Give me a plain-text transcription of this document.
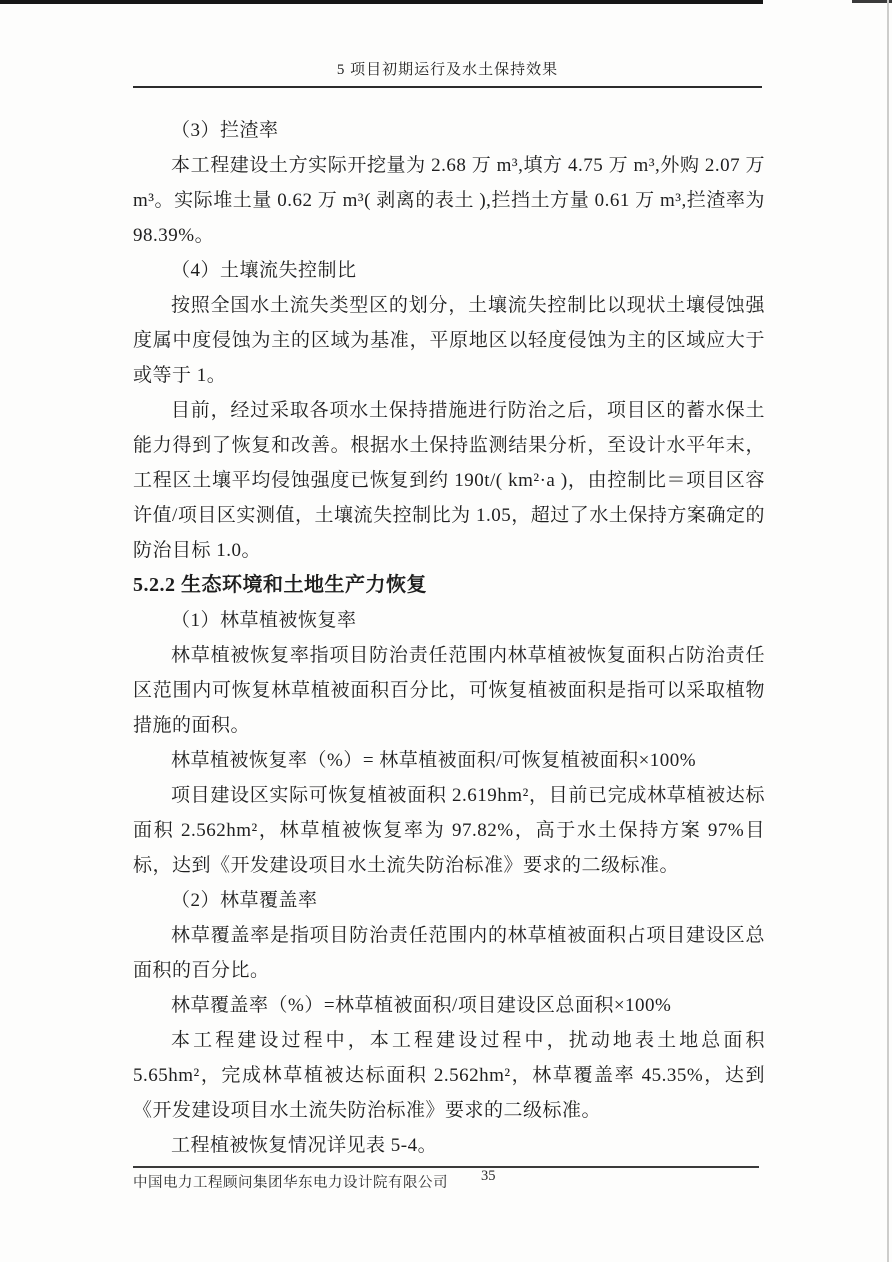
5 项目初期运行及水土保持效果

（3）拦渣率

本工程建设土方实际开挖量为 2.68 万 m³,填方 4.75 万 m³,外购 2.07 万 m³。实际堆土量 0.62 万 m³( 剥离的表土 ),拦挡土方量 0.61 万 m³,拦渣率为 98.39%。

（4）土壤流失控制比

按照全国水土流失类型区的划分，土壤流失控制比以现状土壤侵蚀强度属中度侵蚀为主的区域为基准，平原地区以轻度侵蚀为主的区域应大于或等于 1。

目前，经过采取各项水土保持措施进行防治之后，项目区的蓄水保土能力得到了恢复和改善。根据水土保持监测结果分析，至设计水平年末，工程区土壤平均侵蚀强度已恢复到约 190t/( km²·a )，由控制比＝项目区容许值/项目区实测值，土壤流失控制比为 1.05，超过了水土保持方案确定的防治目标 1.0。

5.2.2 生态环境和土地生产力恢复

（1）林草植被恢复率

林草植被恢复率指项目防治责任范围内林草植被恢复面积占防治责任区范围内可恢复林草植被面积百分比，可恢复植被面积是指可以采取植物措施的面积。

林草植被恢复率（%）= 林草植被面积/可恢复植被面积×100%

项目建设区实际可恢复植被面积 2.619hm²，目前已完成林草植被达标面积 2.562hm²，林草植被恢复率为 97.82%，高于水土保持方案 97%目标，达到《开发建设项目水土流失防治标准》要求的二级标准。

（2）林草覆盖率

林草覆盖率是指项目防治责任范围内的林草植被面积占项目建设区总面积的百分比。

林草覆盖率（%）=林草植被面积/项目建设区总面积×100%

本工程建设过程中，本工程建设过程中，扰动地表土地总面积 5.65hm²，完成林草植被达标面积 2.562hm²，林草覆盖率 45.35%，达到《开发建设项目水土流失防治标准》要求的二级标准。

工程植被恢复情况详见表 5-4。

中国电力工程顾问集团华东电力设计院有限公司 35
